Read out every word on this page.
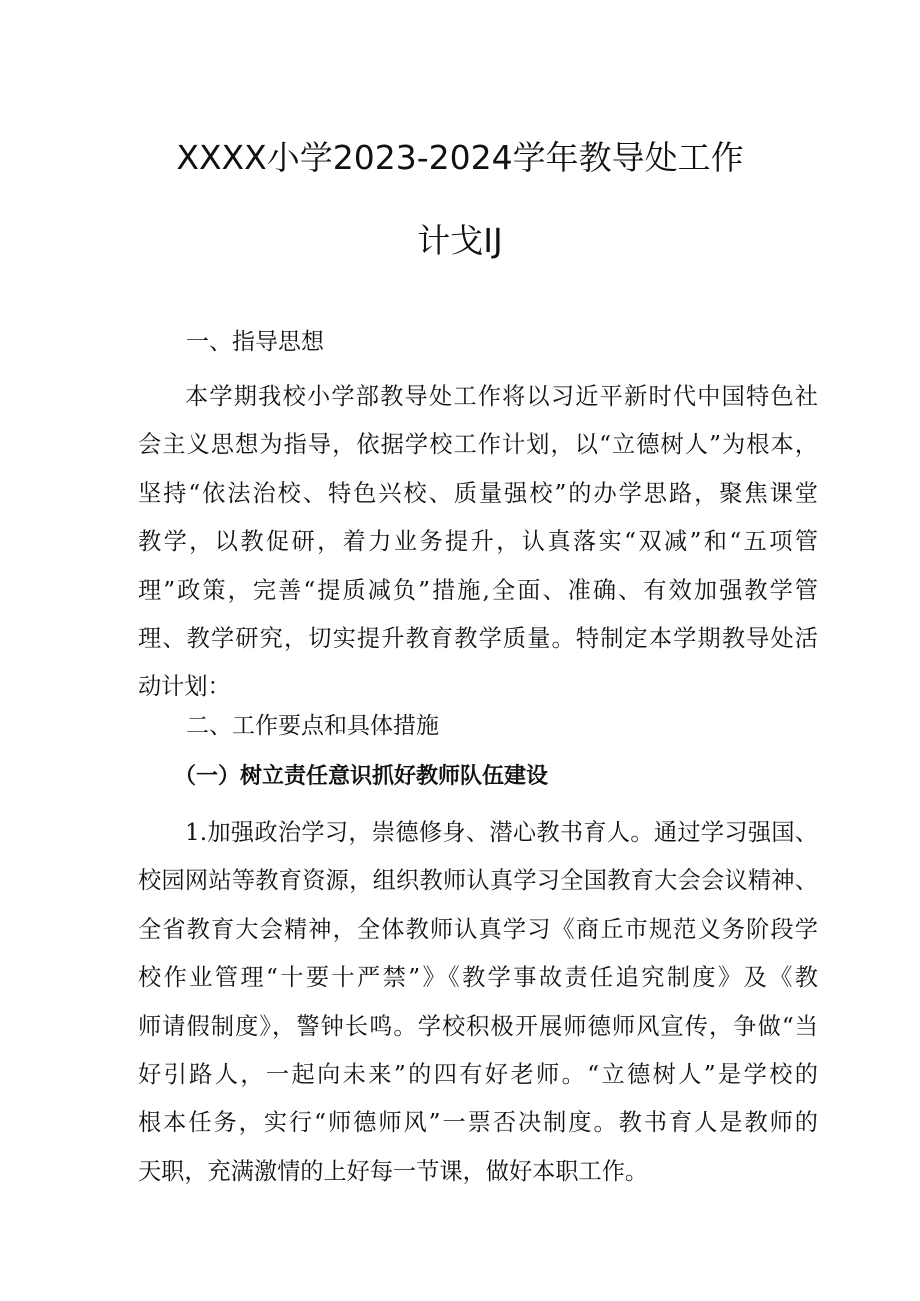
XXXX小学2023-2024学年教导处工作
计戈IJ
一、指导思想
本学期我校小学部教导处工作将以习近平新时代中国特色社
会主义思想为指导，依据学校工作计划，以“立德树人”为根本，
坚持“依法治校、特色兴校、质量强校”的办学思路，聚焦课堂
教学，以教促研，着力业务提升，认真落实“双减”和“五项管
理”政策，完善“提质减负”措施,全面、准确、有效加强教学管
理、教学研究，切实提升教育教学质量。特制定本学期教导处活
动计划：
二、工作要点和具体措施
（一）树立责任意识抓好教师队伍建设
1.加强政治学习，崇德修身、潜心教书育人。通过学习强国、
校园网站等教育资源，组织教师认真学习全国教育大会会议精神、
全省教育大会精神，全体教师认真学习《商丘市规范义务阶段学
校作业管理“十要十严禁”》《教学事故责任追究制度》及《教
师请假制度》，警钟长鸣。学校积极开展师德师风宣传，争做“当
好引路人，一起向未来”的四有好老师。“立德树人”是学校的
根本任务，实行“师德师风”一票否决制度。教书育人是教师的
天职，充满激情的上好每一节课，做好本职工作。
